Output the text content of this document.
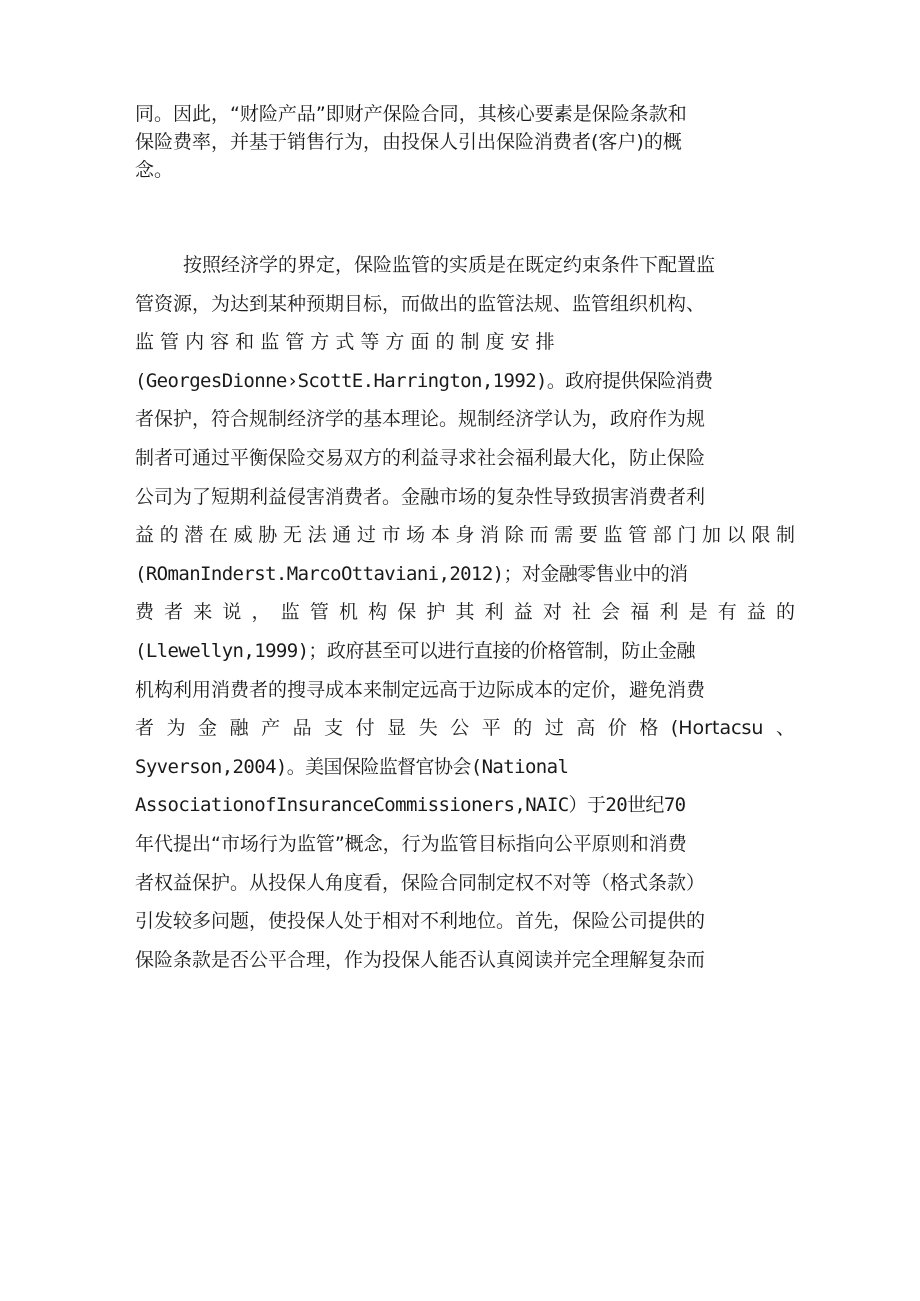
同。因此，“财险产品”即财产保险合同，其核心要素是保险条款和
保险费率，并基于销售行为，由投保人引出保险消费者(客户)的概
念。
按照经济学的界定，保险监管的实质是在既定约束条件下配置监
管资源，为达到某种预期目标，而做出的监管法规、监管组织机构、
监 管 内 容 和 监 管 方 式 等 方 面 的 制 度 安 排
(GeorgesDionne›ScottE.Harrington,1992)。政府提供保险消费
者保护，符合规制经济学的基本理论。规制经济学认为，政府作为规
制者可通过平衡保险交易双方的利益寻求社会福利最大化，防止保险
公司为了短期利益侵害消费者。金融市场的复杂性导致损害消费者利
益的潜在威胁无法通过市场本身消除而需要监管部门加以限制
(ROmanInderst.MarcoOttaviani,2012)；对金融零售业中的消
费者来说，监管机构保护其利益对社会福利是有益的
(Llewellyn,1999)；政府甚至可以进行直接的价格管制，防止金融
机构利用消费者的搜寻成本来制定远高于边际成本的定价，避免消费
者为金融产品支付显失公平的过高价格(Hortacsu、
Syverson,2004)。美国保险监督官协会(National
AssociationofInsuranceCommissioners,NAIC）于20世纪70
年代提出“市场行为监管”概念，行为监管目标指向公平原则和消费
者权益保护。从投保人角度看，保险合同制定权不对等（格式条款）
引发较多问题，使投保人处于相对不利地位。首先，保险公司提供的
保险条款是否公平合理，作为投保人能否认真阅读并完全理解复杂而
